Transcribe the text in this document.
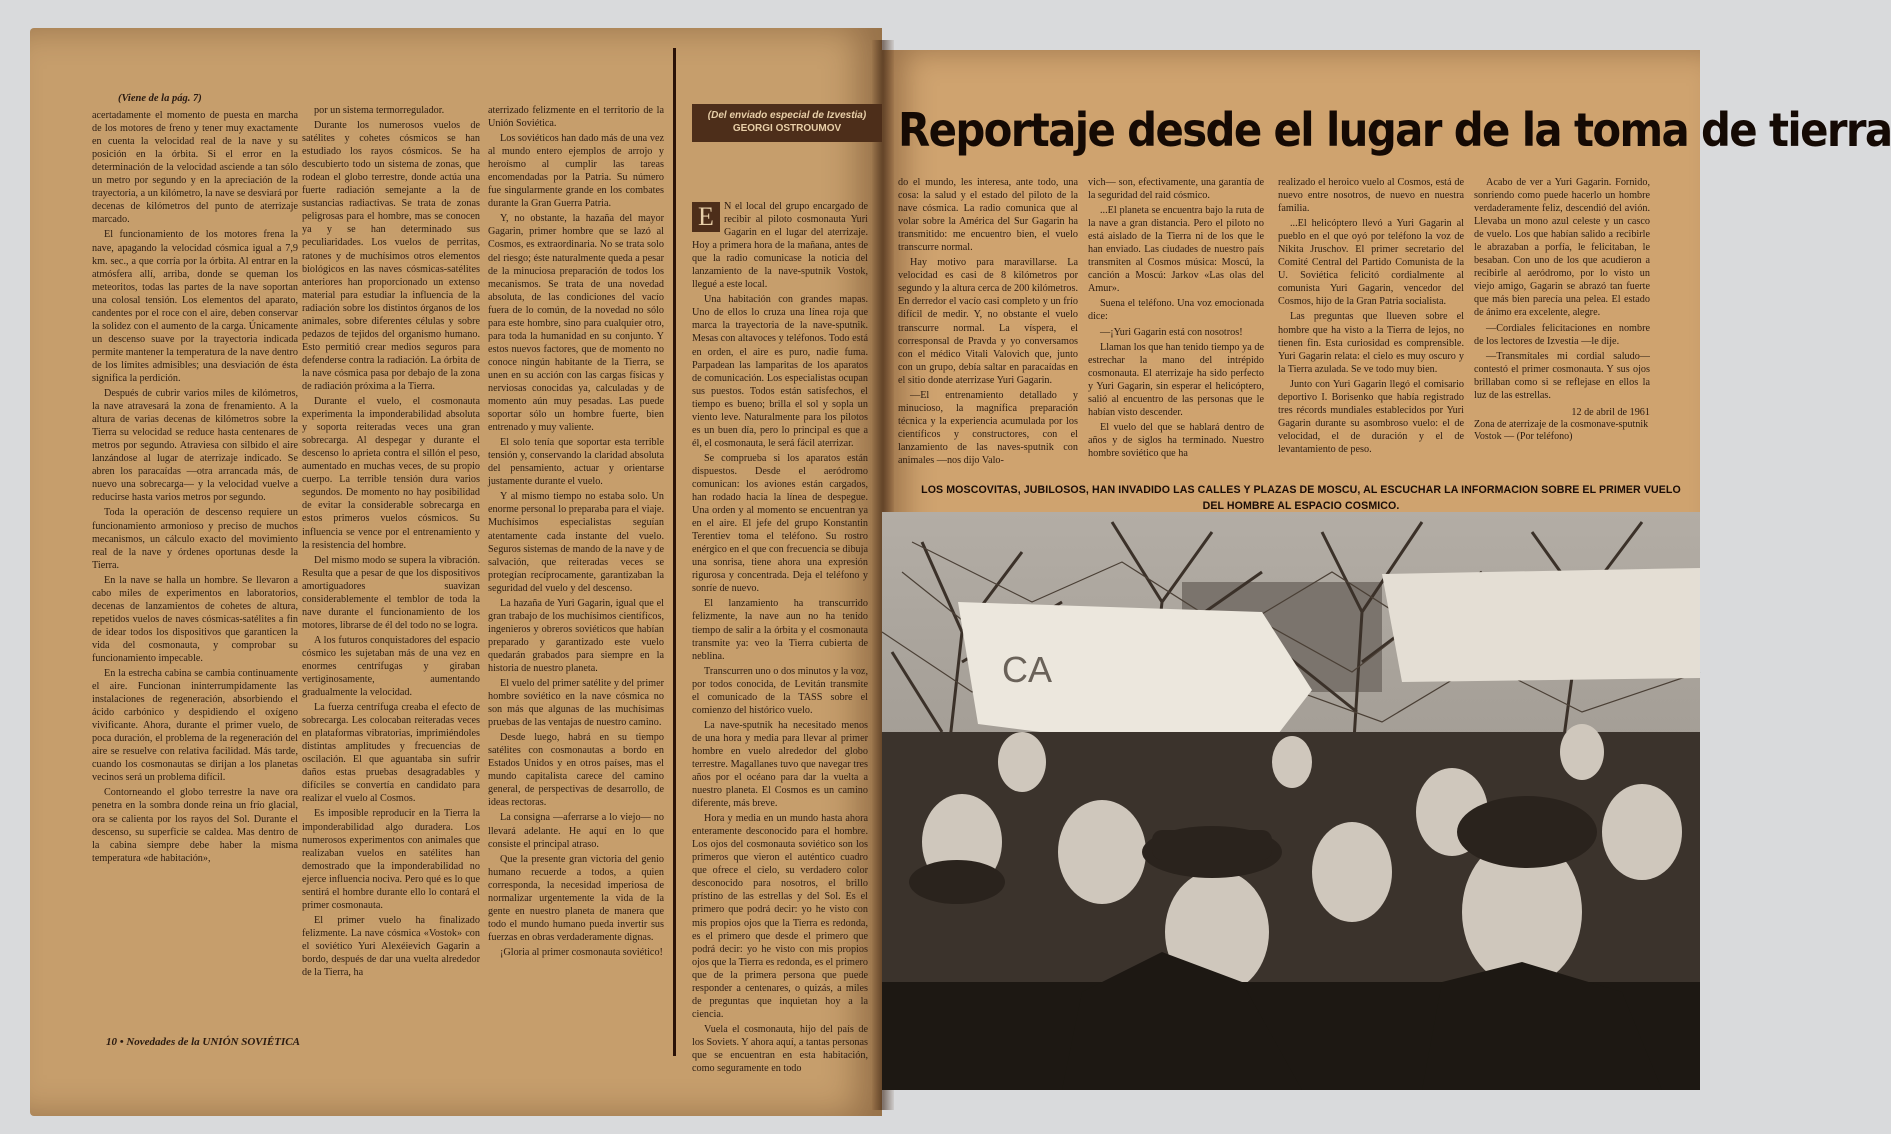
(Viene de la pág. 7)

acertadamente el momento de puesta en marcha de los motores de freno y tener muy exactamente en cuenta la velocidad real de la nave y su posición en la órbita. Si el error en la determinación de la velocidad asciende a tan sólo un metro por segundo y en la apreciación de la trayectoria, a un kilómetro, la nave se desviará por decenas de kilómetros del punto de aterrizaje marcado.

El funcionamiento de los motores frena la nave, apagando la velocidad cósmica igual a 7,9 km. sec., a que corría por la órbita. Al entrar en la atmósfera allí, arriba, donde se queman los meteoritos, todas las partes de la nave soportan una colosal tensión. Los elementos del aparato, candentes por el roce con el aire, deben conservar la solidez con el aumento de la carga. Únicamente un descenso suave por la trayectoria indicada permite mantener la temperatura de la nave dentro de los límites admisibles; una desviación de ésta significa la perdición.

Después de cubrir varios miles de kilómetros, la nave atravesará la zona de frenamiento. A la altura de varias decenas de kilómetros sobre la Tierra su velocidad se reduce hasta centenares de metros por segundo. Atraviesa con silbido el aire lanzándose al lugar de aterrizaje indicado. Se abren los paracaídas —otra arrancada más, de nuevo una sobrecarga— y la velocidad vuelve a reducirse hasta varios metros por segundo.

Toda la operación de descenso requiere un funcionamiento armonioso y preciso de muchos mecanismos, un cálculo exacto del movimiento real de la nave y órdenes oportunas desde la Tierra.

En la nave se halla un hombre. Se llevaron a cabo miles de experimentos en laboratorios, decenas de lanzamientos de cohetes de altura, repetidos vuelos de naves cósmicas-satélites a fin de idear todos los dispositivos que garanticen la vida del cosmonauta, y comprobar su funcionamiento impecable.

En la estrecha cabina se cambia continuamente el aire. Funcionan ininterrumpidamente las instalaciones de regeneración, absorbiendo el ácido carbónico y despidiendo el oxígeno vivificante. Ahora, durante el primer vuelo, de poca duración, el problema de la regeneración del aire se resuelve con relativa facilidad. Más tarde, cuando los cosmonautas se dirijan a los planetas vecinos será un problema difícil.

Contorneando el globo terrestre la nave ora penetra en la sombra donde reina un frío glacial, ora se calienta por los rayos del Sol. Durante el descenso, su superficie se caldea. Mas dentro de la cabina siempre debe haber la misma temperatura «de habitación»,

por un sistema termorregulador.

Durante los numerosos vuelos de satélites y cohetes cósmicos se han estudiado los rayos cósmicos. Se ha descubierto todo un sistema de zonas, que rodean el globo terrestre, donde actúa una fuerte radiación semejante a la de sustancias radiactivas. Se trata de zonas peligrosas para el hombre, mas se conocen ya y se han determinado sus peculiaridades. Los vuelos de perritas, ratones y de muchísimos otros elementos biológicos en las naves cósmicas-satélites anteriores han proporcionado un extenso material para estudiar la influencia de la radiación sobre los distintos órganos de los animales, sobre diferentes células y sobre pedazos de tejidos del organismo humano. Esto permitió crear medios seguros para defenderse contra la radiación. La órbita de la nave cósmica pasa por debajo de la zona de radiación próxima a la Tierra.

Durante el vuelo, el cosmonauta experimenta la imponderabilidad absoluta y soporta reiteradas veces una gran sobrecarga. Al despegar y durante el descenso lo aprieta contra el sillón el peso, aumentado en muchas veces, de su propio cuerpo. La terrible tensión dura varios segundos. De momento no hay posibilidad de evitar la considerable sobrecarga en estos primeros vuelos cósmicos. Su influencia se vence por el entrenamiento y la resistencia del hombre.

Del mismo modo se supera la vibración. Resulta que a pesar de que los dispositivos amortiguadores suavizan considerablemente el temblor de toda la nave durante el funcionamiento de los motores, librarse de él del todo no se logra.

A los futuros conquistadores del espacio cósmico les sujetaban más de una vez en enormes centrífugas y giraban vertiginosamente, aumentando gradualmente la velocidad.

La fuerza centrífuga creaba el efecto de sobrecarga. Les colocaban reiteradas veces en plataformas vibratorias, imprimiéndoles distintas amplitudes y frecuencias de oscilación. El que aguantaba sin sufrir daños estas pruebas desagradables y difíciles se convertía en candidato para realizar el vuelo al Cosmos.

Es imposible reproducir en la Tierra la imponderabilidad algo duradera. Los numerosos experimentos con animales que realizaban vuelos en satélites han demostrado que la imponderabilidad no ejerce influencia nociva. Pero qué es lo que sentirá el hombre durante ello lo contará el primer cosmonauta.

El primer vuelo ha finalizado felizmente. La nave cósmica «Vostok» con el soviético Yuri Alexéievich Gagarin a bordo, después de dar una vuelta alrededor de la Tierra, ha

aterrizado felizmente en el territorio de la Unión Soviética.

Los soviéticos han dado más de una vez al mundo entero ejemplos de arrojo y heroísmo al cumplir las tareas encomendadas por la Patria. Su número fue singularmente grande en los combates durante la Gran Guerra Patria.

Y, no obstante, la hazaña del mayor Gagarin, primer hombre que se lazó al Cosmos, es extraordinaria. No se trata solo del riesgo; éste naturalmente queda a pesar de la minuciosa preparación de todos los mecanismos. Se trata de una novedad absoluta, de las condiciones del vacío fuera de lo común, de la novedad no sólo para este hombre, sino para cualquier otro, para toda la humanidad en su conjunto. Y estos nuevos factores, que de momento no conoce ningún habitante de la Tierra, se unen en su acción con las cargas físicas y nerviosas conocidas ya, calculadas y de momento aún muy pesadas. Las puede soportar sólo un hombre fuerte, bien entrenado y muy valiente.

El solo tenía que soportar esta terrible tensión y, conservando la claridad absoluta del pensamiento, actuar y orientarse justamente durante el vuelo.

Y al mismo tiempo no estaba solo. Un enorme personal lo preparaba para el viaje. Muchísimos especialistas seguían atentamente cada instante del vuelo. Seguros sistemas de mando de la nave y de salvación, que reiteradas veces se protegían recíprocamente, garantizaban la seguridad del vuelo y del descenso.

La hazaña de Yuri Gagarin, igual que el gran trabajo de los muchísimos científicos, ingenieros y obreros soviéticos que habían preparado y garantizado este vuelo quedarán grabados para siempre en la historia de nuestro planeta.

El vuelo del primer satélite y del primer hombre soviético en la nave cósmica no son más que algunas de las muchísimas pruebas de las ventajas de nuestro camino.

Desde luego, habrá en su tiempo satélites con cosmonautas a bordo en Estados Unidos y en otros países, mas el mundo capitalista carece del camino general, de perspectivas de desarrollo, de ideas rectoras.

La consigna —aferrarse a lo viejo— no llevará adelante. He aquí en lo que consiste el principal atraso.

Que la presente gran victoria del genio humano recuerde a todos, a quien corresponda, la necesidad imperiosa de normalizar urgentemente la vida de la gente en nuestro planeta de manera que todo el mundo humano pueda invertir sus fuerzas en obras verdaderamente dignas.

¡Gloria al primer cosmonauta soviético!

10 • Novedades de la UNIÓN SOVIÉTICA
(Del enviado especial de Izvestia)
GEORGI OSTROUMOV	Reportaje desde el lugar de la toma de tierra
E N el local del grupo encargado de recibir al piloto cosmonauta Yuri Gagarin en el lugar del aterrizaje. Hoy a primera hora de la mañana, antes de que la radio comunicase la noticia del lanzamiento de la nave-sputnik Vostok, llegué a este local.

Una habitación con grandes mapas. Uno de ellos lo cruza una línea roja que marca la trayectoria de la nave-sputnik. Mesas con altavoces y teléfonos. Todo está en orden, el aire es puro, nadie fuma. Parpadean las lamparitas de los aparatos de comunicación. Los especialistas ocupan sus puestos. Todos están satisfechos, el tiempo es bueno; brilla el sol y sopla un viento leve. Naturalmente para los pilotos es un buen día, pero lo principal es que a él, el cosmonauta, le será fácil aterrizar.

Se comprueba si los aparatos están dispuestos. Desde el aeródromo comunican: los aviones están cargados, han rodado hacia la línea de despegue. Una orden y al momento se encuentran ya en el aire. El jefe del grupo Konstantin Terentiev toma el teléfono. Su rostro enérgico en el que con frecuencia se dibuja una sonrisa, tiene ahora una expresión rigurosa y concentrada. Deja el teléfono y sonríe de nuevo.

El lanzamiento ha transcurrido felizmente, la nave aun no ha tenido tiempo de salir a la órbita y el cosmonauta transmite ya: veo la Tierra cubierta de neblina.

Transcurren uno o dos minutos y la voz, por todos conocida, de Levitán transmite el comunicado de la TASS sobre el comienzo del histórico vuelo.

La nave-sputnik ha necesitado menos de una hora y media para llevar al primer hombre en vuelo alrededor del globo terrestre. Magallanes tuvo que navegar tres años por el océano para dar la vuelta a nuestro planeta. El Cosmos es un camino diferente, más breve.

Hora y media en un mundo hasta ahora enteramente desconocido para el hombre. Los ojos del cosmonauta soviético son los primeros que vieron el auténtico cuadro que ofrece el cielo, su verdadero color desconocido para nosotros, el brillo prístino de las estrellas y del Sol. Es el primero que podrá decir: yo he visto con mis propios ojos que la Tierra es redonda, es el primero que desde el primero que podrá decir: yo he visto con mis propios ojos que la Tierra es redonda, es el primero que de la primera persona que puede responder a centenares, o quizás, a miles de preguntas que inquietan hoy a la ciencia.

Vuela el cosmonauta, hijo del país de los Soviets. Y ahora aquí, a tantas personas que se encuentran en esta habitación, como seguramente en todo

do el mundo, les interesa, ante todo, una cosa: la salud y el estado del piloto de la nave cósmica. La radio comunica que al volar sobre la América del Sur Gagarin ha transmitido: me encuentro bien, el vuelo transcurre normal.

Hay motivo para maravillarse. La velocidad es casi de 8 kilómetros por segundo y la altura cerca de 200 kilómetros. En derredor el vacío casi completo y un frío difícil de medir. Y, no obstante el vuelo transcurre normal. La víspera, el corresponsal de Pravda y yo conversamos con el médico Vitali Valovich que, junto con un grupo, debía saltar en paracaídas en el sitio donde aterrizase Yuri Gagarin.

—El entrenamiento detallado y minucioso, la magnífica preparación técnica y la experiencia acumulada por los científicos y constructores, con el lanzamiento de las naves-sputnik con animales —nos dijo Valo-

vich— son, efectivamente, una garantía de la seguridad del raid cósmico.

...El planeta se encuentra bajo la ruta de la nave a gran distancia. Pero el piloto no está aislado de la Tierra ni de los que le han enviado. Las ciudades de nuestro país transmiten al Cosmos música: Moscú, la canción a Moscú: Jarkov «Las olas del Amur».

Suena el teléfono. Una voz emocionada dice:

—¡Yuri Gagarin está con nosotros!

Llaman los que han tenido tiempo ya de estrechar la mano del intrépido cosmonauta. El aterrizaje ha sido perfecto y Yuri Gagarin, sin esperar el helicóptero, salió al encuentro de las personas que le habían visto descender.

El vuelo del que se hablará dentro de años y de siglos ha terminado. Nuestro hombre soviético que ha

realizado el heroico vuelo al Cosmos, está de nuevo entre nosotros, de nuevo en nuestra familia.

...El helicóptero llevó a Yuri Gagarin al pueblo en el que oyó por teléfono la voz de Nikita Jruschov. El primer secretario del Comité Central del Partido Comunista de la U. Soviética felicitó cordialmente al comunista Yuri Gagarin, vencedor del Cosmos, hijo de la Gran Patria socialista.

Las preguntas que llueven sobre el hombre que ha visto a la Tierra de lejos, no tienen fin. Esta curiosidad es comprensible. Yuri Gagarin relata: el cielo es muy oscuro y la Tierra azulada. Se ve todo muy bien.

Junto con Yuri Gagarin llegó el comisario deportivo I. Borisenko que había registrado tres récords mundiales establecidos por Yuri Gagarin durante su asombroso vuelo: el de velocidad, el de duración y el de levantamiento de peso.

Acabo de ver a Yuri Gagarin. Fornido, sonriendo como puede hacerlo un hombre verdaderamente feliz, descendió del avión. Llevaba un mono azul celeste y un casco de vuelo. Los que habían salido a recibirle le abrazaban a porfía, le felicitaban, le besaban. Con uno de los que acudieron a recibirle al aeródromo, por lo visto un viejo amigo, Gagarin se abrazó tan fuerte que más bien parecía una pelea. El estado de ánimo era excelente, alegre.

—Cordiales felicitaciones en nombre de los lectores de Izvestia —le dije.

—Transmítales mi cordial saludo— contestó el primer cosmonauta. Y sus ojos brillaban como si se reflejase en ellos la luz de las estrellas.

12 de abril de 1961
Zona de aterrizaje de la cosmonave-sputnik Vostok — (Por teléfono)
LOS MOSCOVITAS, JUBILOSOS, HAN INVADIDO LAS CALLES Y PLAZAS DE MOSCU, AL ESCUCHAR LA INFORMACION SOBRE EL PRIMER VUELO
DEL HOMBRE AL ESPACIO COSMICO.
CA
